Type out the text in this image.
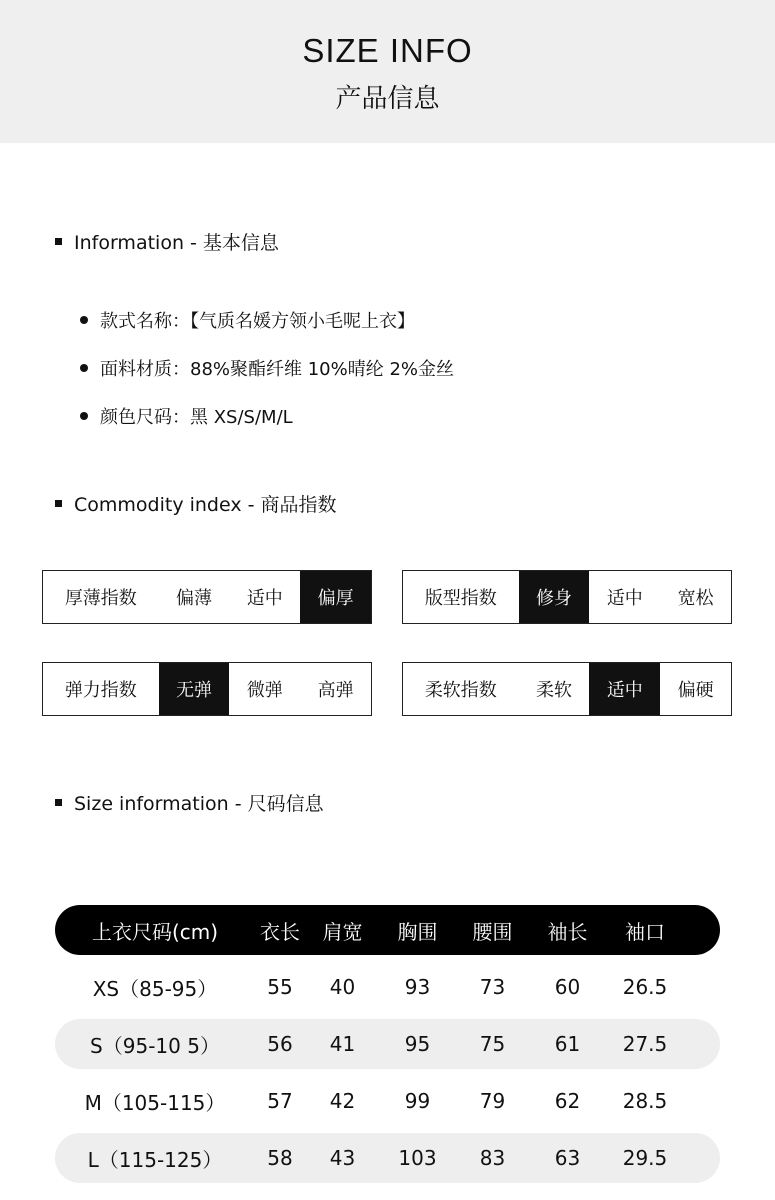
SIZE INFO
产品信息
Information - 基本信息
款式名称：【气质名媛方领小毛呢上衣】
面料材质：88%聚酯纤维 10%晴纶 2%金丝
颜色尺码：黑 XS/S/M/L
Commodity index - 商品指数
厚薄指数	偏薄	适中	偏厚	版型指数	修身	适中	宽松
弹力指数	无弹	微弹	高弹	柔软指数	柔软	适中	偏硬
Size information - 尺码信息
上衣尺码(cm)	衣长	肩宽	胸围	腰围	袖长	袖口
XS（85-95）	55	40	93	73	60	26.5
S（95-10 5）	56	41	95	75	61	27.5
M（105-115）	57	42	99	79	62	28.5
L（115-125）	58	43	103	83	63	29.5
